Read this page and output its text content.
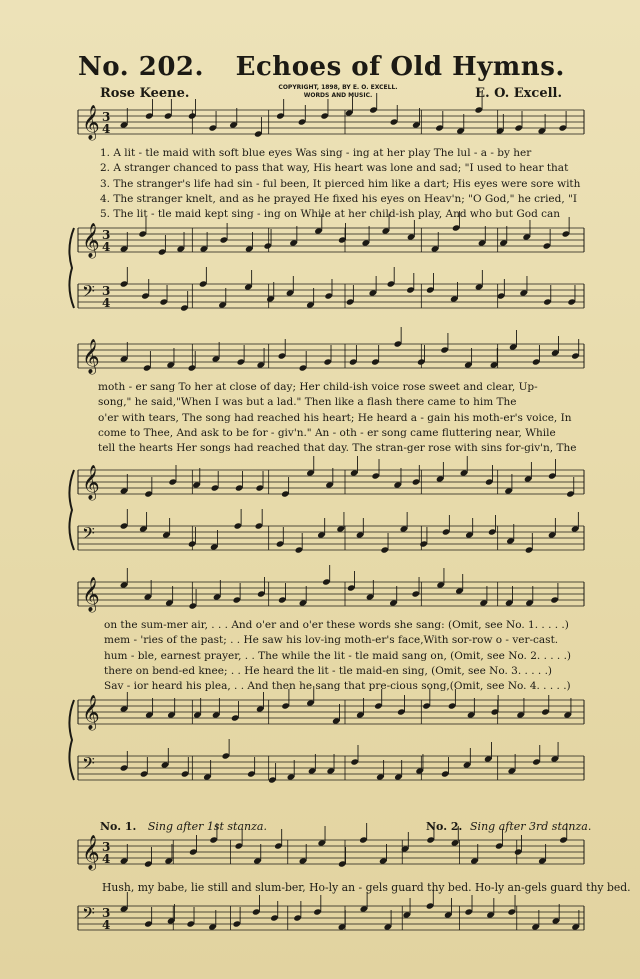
No. 202. Echoes of Old Hymns.
Rose Keene.	COPYRIGHT, 1898, BY E. O. EXCELL.
WORDS AND MUSIC.	E. O. Excell.
𝄞 3
4
𝄞 3
4
𝄢 3
4
𝄞
𝄞
𝄢
𝄞
𝄞
𝄢
𝄞 3
4
𝄢 3
4
1. A lit - tle maid with soft blue eyes Was sing - ing at her play The lul - a - by her
2. A stranger chanced to pass that way, His heart was lone and sad; "I used to hear that
3. The stranger's life had sin - ful been, It pierced him like a dart; His eyes were sore with
4. The stranger knelt, and as he prayed He fixed his eyes on Heav'n; "O God," he cried, "I
5. The lit - tle maid kept sing - ing on While at her child-ish play, And who but God can
moth - er sang To her at close of day; Her child-ish voice rose sweet and clear, Up-
song," he said,"When I was but a lad." Then like a flash there came to him The
o'er with tears, The song had reached his heart; He heard a - gain his moth-er's voice, In
come to Thee, And ask to be for - giv'n." An - oth - er song came fluttering near, While
tell the hearts Her songs had reached that day. The stran-ger rose with sins for-giv'n, The
on the sum-mer air, . . . And o'er and o'er these words she sang: (Omit, see No. 1. . . . .)
mem - 'ries of the past; . . He saw his lov-ing moth-er's face,With sor-row o - ver-cast.
hum - ble, earnest prayer, . . The while the lit - tle maid sang on, (Omit, see No. 2. . . . .)
there on bend-ed knee; . . He heard the lit - tle maid-en sing, (Omit, see No. 3. . . . .)
Sav - ior heard his plea, . . And then he sang that pre-cious song,(Omit, see No. 4. . . . .)
No. 1. Sing after 1st stanza.	No. 2. Sing after 3rd stanza.
Hush, my babe, lie still and slum-ber, Ho-ly an - gels guard thy bed. Ho-ly an-gels guard thy bed.
